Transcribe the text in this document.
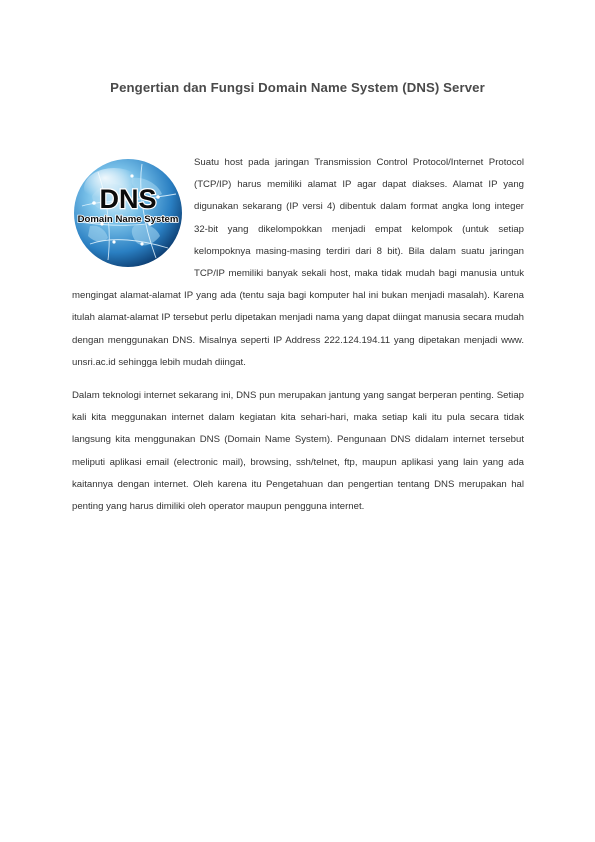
Pengertian dan Fungsi Domain Name System (DNS) Server
DNS
Domain Name System

Suatu host pada jaringan Transmission Control Protocol/Internet Protocol (TCP/IP) harus memiliki alamat IP agar dapat diakses. Alamat IP yang digunakan sekarang (IP versi 4) dibentuk dalam format angka long integer 32-bit yang dikelompokkan menjadi empat kelompok (untuk setiap kelompoknya masing-masing terdiri dari 8 bit). Bila dalam suatu jaringan TCP/IP memiliki banyak sekali host, maka tidak mudah bagi manusia untuk mengingat alamat-alamat IP yang ada (tentu saja bagi komputer hal ini bukan menjadi masalah). Karena itulah alamat-alamat IP tersebut perlu dipetakan menjadi nama yang dapat diingat manusia secara mudah dengan menggunakan DNS. Misalnya seperti IP Address 222.124.194.11 yang dipetakan menjadi www. unsri.ac.id sehingga lebih mudah diingat.

Dalam teknologi internet sekarang ini, DNS pun merupakan jantung yang sangat berperan penting. Setiap kali kita meggunakan internet dalam kegiatan kita sehari-hari, maka setiap kali itu pula secara tidak langsung kita menggunakan DNS (Domain Name System). Pengunaan DNS didalam internet tersebut meliputi aplikasi email (electronic mail), browsing, ssh/telnet, ftp, maupun aplikasi yang lain yang ada kaitannya dengan internet. Oleh karena itu Pengetahuan dan pengertian tentang DNS merupakan hal penting yang harus dimiliki oleh operator maupun pengguna internet.
